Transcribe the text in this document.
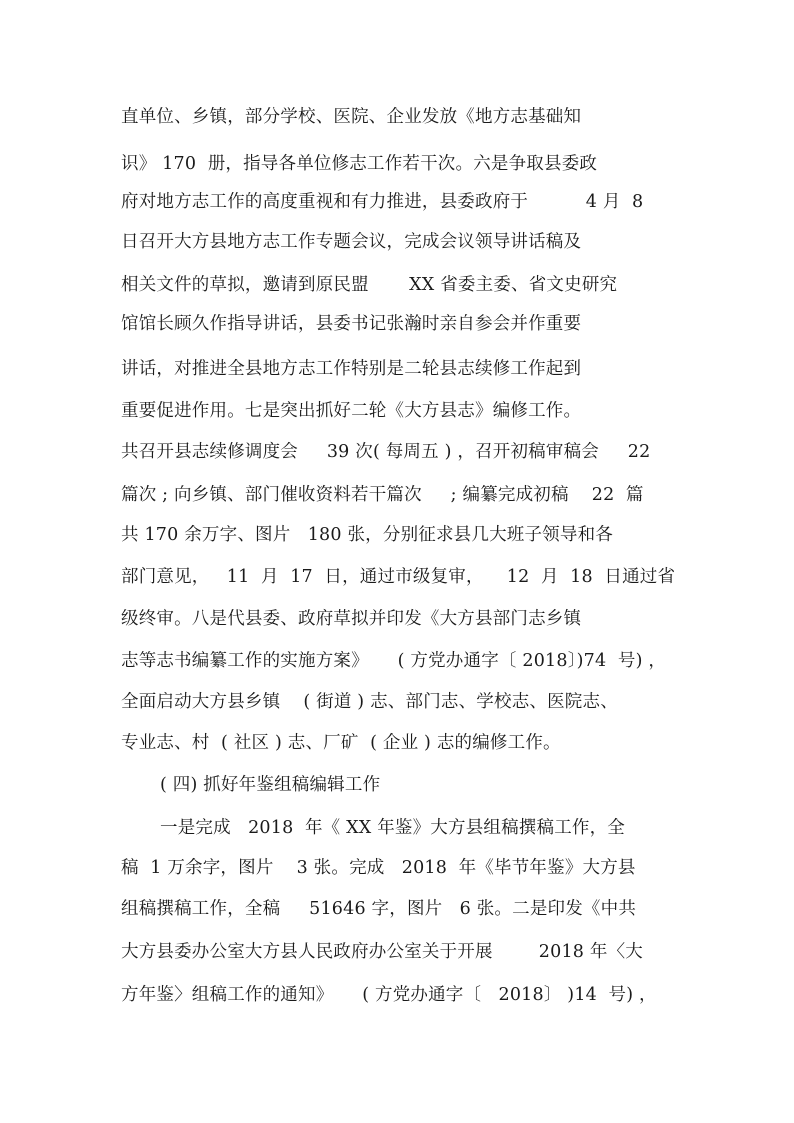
直单位、乡镇，部分学校、医院、企业发放《地方志基础知
识》 170  册，指导各单位修志工作若干次。六是争取县委政
府对地方志工作的高度重视和有力推进，县委政府于          4 月  8
日召开大方县地方志工作专题会议，完成会议领导讲话稿及
相关文件的草拟，邀请到原民盟       XX 省委主委、省文史研究
馆馆长顾久作指导讲话，县委书记张瀚时亲自参会并作重要
讲话，对推进全县地方志工作特别是二轮县志续修工作起到
重要促进作用。七是突出抓好二轮《大方县志》编修工作。
共召开县志续修调度会     39 次( 每周五 ) ，召开初稿审稿会     22
篇次 ; 向乡镇、部门催收资料若干篇次     ; 编纂完成初稿    22  篇
共 170 余万字、图片   180 张，分别征求县几大班子领导和各
部门意见，   11  月  17  日，通过市级复审，    12  月  18  日通过省
级终审。八是代县委、政府草拟并印发《大方县部门志乡镇
志等志书编纂工作的实施方案》     ( 方党办通字〔 2018〕)74  号) ，
全面启动大方县乡镇    ( 街道 ) 志、部门志、学校志、医院志、
专业志、村  ( 社区 ) 志、厂矿  ( 企业 ) 志的编修工作。
( 四) 抓好年鉴组稿编辑工作
一是完成   2018  年《 XX 年鉴》大方县组稿撰稿工作，全
稿  1 万余字，图片    3 张。完成   2018  年《毕节年鉴》大方县
组稿撰稿工作，全稿     51646 字，图片   6 张。二是印发《中共
大方县委办公室大方县人民政府办公室关于开展        2018 年〈大
方年鉴〉组稿工作的通知》     ( 方党办通字〔   2018〕 )14  号) ，
